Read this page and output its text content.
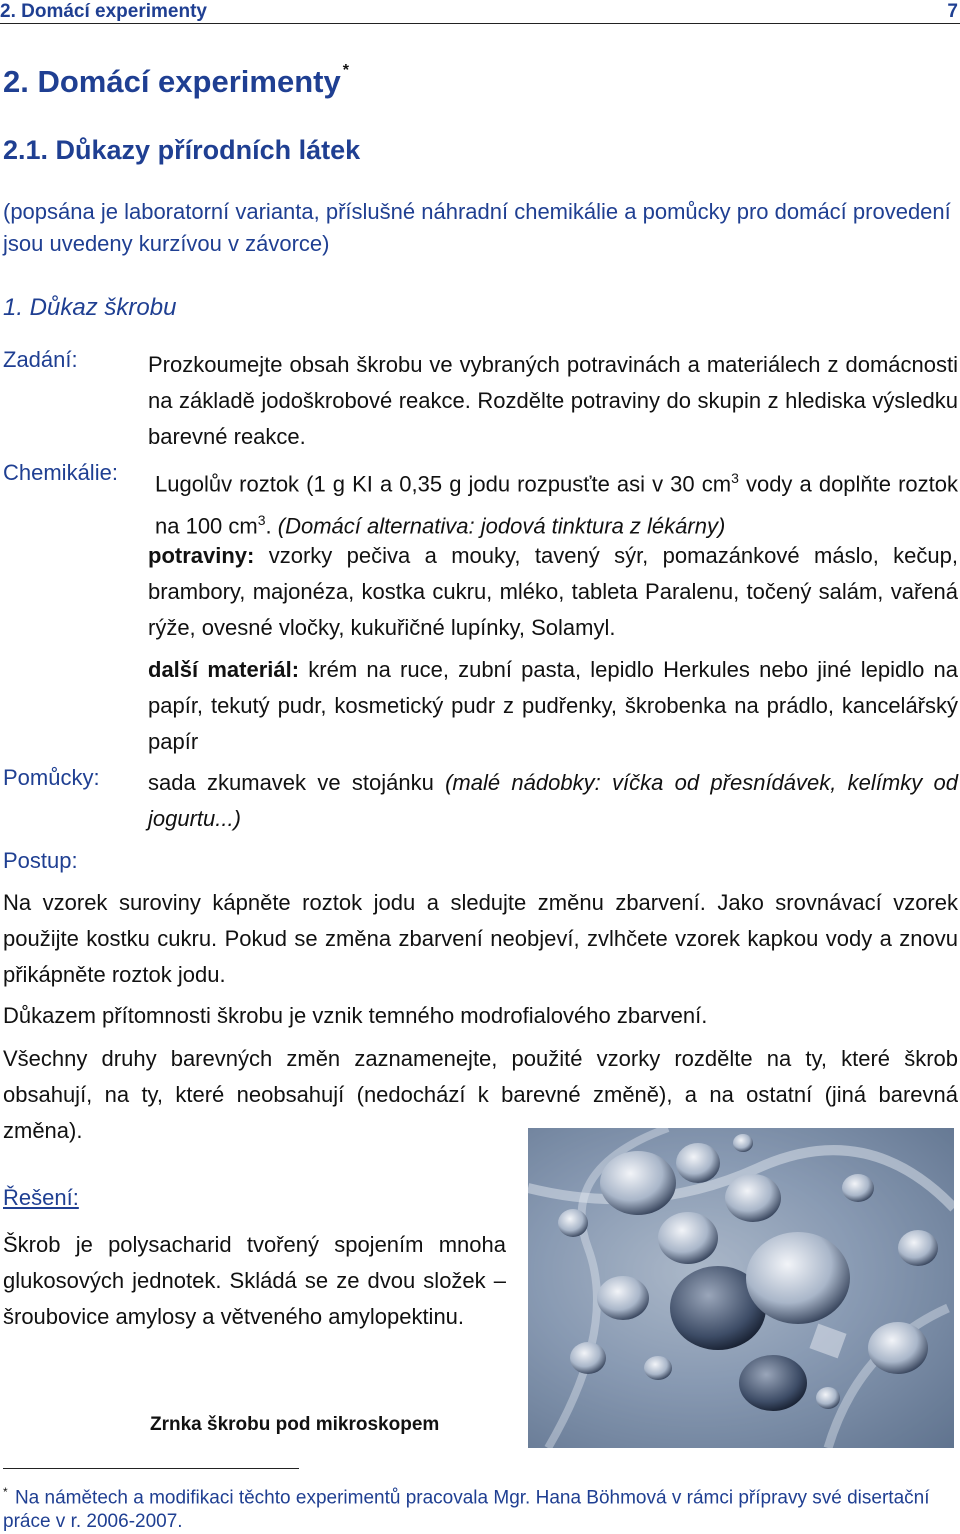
2. Domácí experimenty	7
2. Domácí experimenty *
2.1. Důkazy přírodních látek
(popsána je laboratorní varianta, příslušné náhradní chemikálie a pomůcky pro domácí provedení jsou uvedeny kurzívou v závorce)
1. Důkaz škrobu
Zadání:	Prozkoumejte obsah škrobu ve vybraných potravinách a materiálech z domácnosti na základě jodoškrobové reakce. Rozdělte potraviny do skupin z hlediska výsledku barevné reakce.
Chemikálie: Lugolův roztok (1 g KI a 0,35 g jodu rozpusťte asi v 30 $cm^3$ vody a doplňte roztok na 100 $cm^3$. (Domácí alternativa: jodová tinktura z lékárny)
potraviny: vzorky pečiva a mouky, tavený sýr, pomazánkové máslo, kečup, brambory, majonéza, kostka cukru, mléko, tableta Paralenu, točený salám, vařená rýže, ovesné vločky, kukuřičné lupínky, Solamyl.
další materiál: krém na ruce, zubní pasta, lepidlo Herkules nebo jiné lepidlo na papír, tekutý pudr, kosmetický pudr z pudřenky, škrobenka na prádlo, kancelářský papír
Pomůcky: sada zkumavek ve stojánku (malé nádobky: víčka od přesnídávek, kelímky od jogurtu...)
Postup:
Na vzorek suroviny kápněte roztok jodu a sledujte změnu zbarvení. Jako srovnávací vzorek použijte kostku cukru. Pokud se změna zbarvení neobjeví, zvlhčete vzorek kapkou vody a znovu přikápněte roztok jodu.
Důkazem přítomnosti škrobu je vznik temného modrofialového zbarvení.
Všechny druhy barevných změn zaznamenejte, použité vzorky rozdělte na ty, které škrob obsahují, na ty, které neobsahují (nedochází k barevné změně), a na ostatní (jiná barevná změna).
Řešení:
Škrob je polysacharid tvořený spojením mnoha glukosových jednotek. Skládá se ze dvou složek – šroubovice amylosy a větveného amylopektinu.
Zrnka škrobu pod mikroskopem
* Na námětech a modifikaci těchto experimentů pracovala Mgr. Hana Böhmová v rámci přípravy své disertační práce v r. 2006-2007.
